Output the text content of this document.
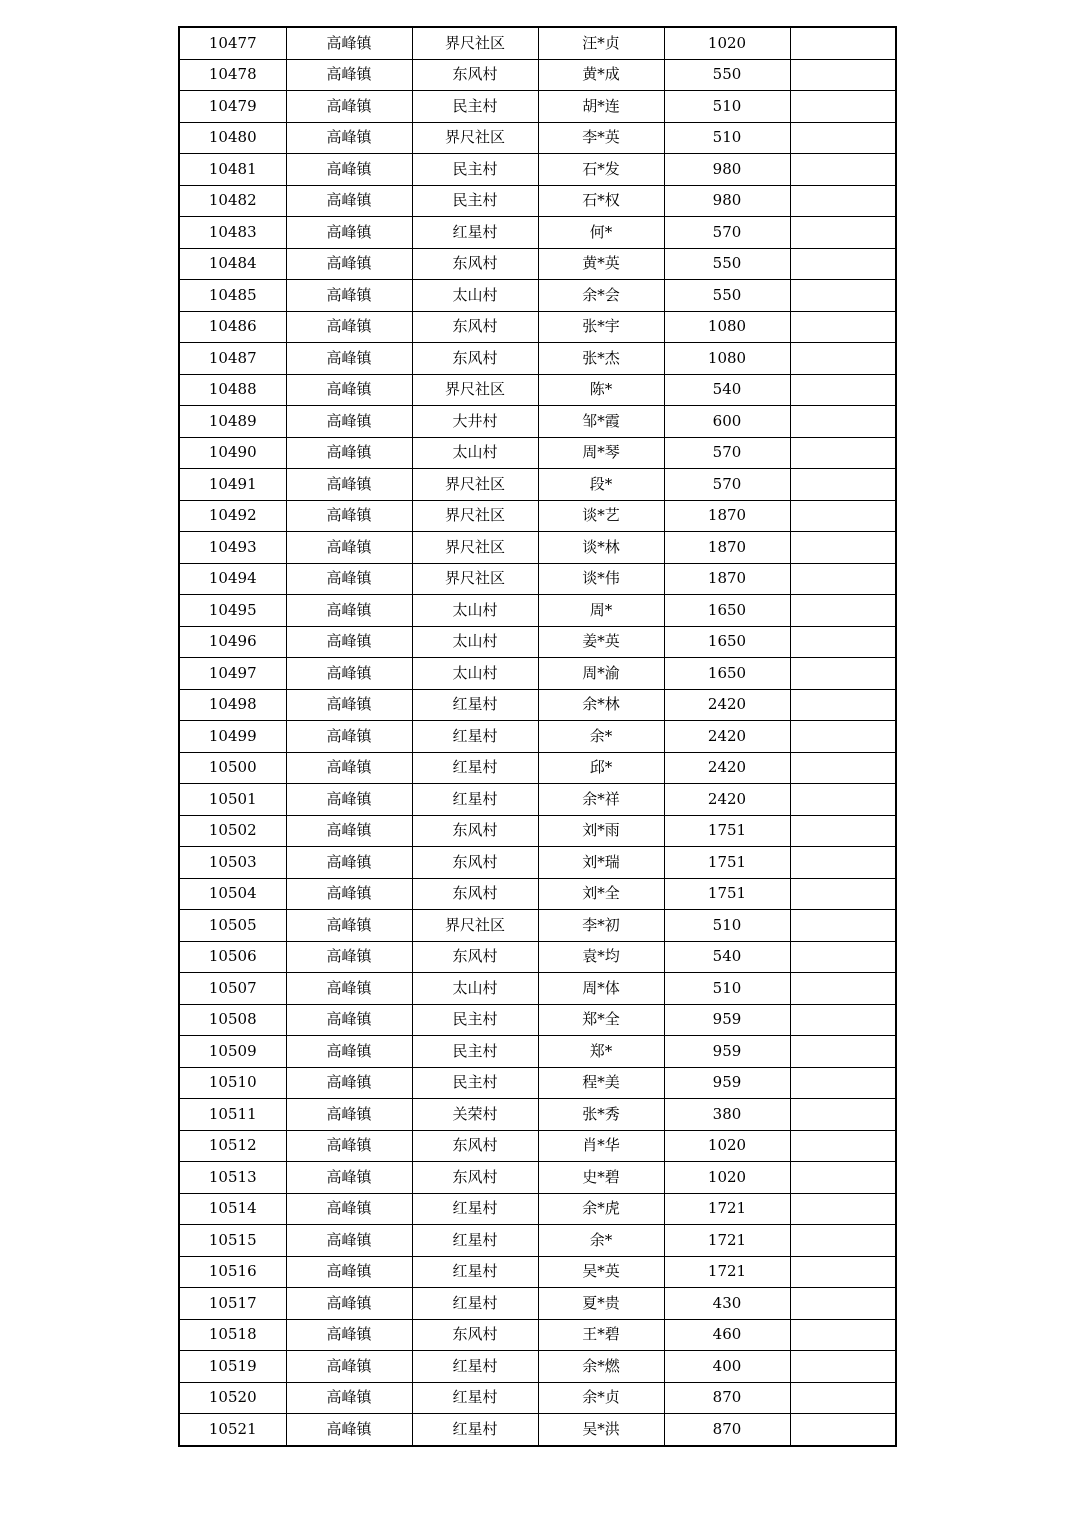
10477	高峰镇	界尺社区	汪*贞	1020	
10478	高峰镇	东风村	黄*成	550	
10479	高峰镇	民主村	胡*连	510	
10480	高峰镇	界尺社区	李*英	510	
10481	高峰镇	民主村	石*发	980	
10482	高峰镇	民主村	石*权	980	
10483	高峰镇	红星村	何*	570	
10484	高峰镇	东风村	黄*英	550	
10485	高峰镇	太山村	余*会	550	
10486	高峰镇	东风村	张*宇	1080	
10487	高峰镇	东风村	张*杰	1080	
10488	高峰镇	界尺社区	陈*	540	
10489	高峰镇	大井村	邹*霞	600	
10490	高峰镇	太山村	周*琴	570	
10491	高峰镇	界尺社区	段*	570	
10492	高峰镇	界尺社区	谈*艺	1870	
10493	高峰镇	界尺社区	谈*林	1870	
10494	高峰镇	界尺社区	谈*伟	1870	
10495	高峰镇	太山村	周*	1650	
10496	高峰镇	太山村	姜*英	1650	
10497	高峰镇	太山村	周*渝	1650	
10498	高峰镇	红星村	余*林	2420	
10499	高峰镇	红星村	余*	2420	
10500	高峰镇	红星村	邱*	2420	
10501	高峰镇	红星村	余*祥	2420	
10502	高峰镇	东风村	刘*雨	1751	
10503	高峰镇	东风村	刘*瑞	1751	
10504	高峰镇	东风村	刘*全	1751	
10505	高峰镇	界尺社区	李*初	510	
10506	高峰镇	东风村	袁*均	540	
10507	高峰镇	太山村	周*体	510	
10508	高峰镇	民主村	郑*全	959	
10509	高峰镇	民主村	郑*	959	
10510	高峰镇	民主村	程*美	959	
10511	高峰镇	关荣村	张*秀	380	
10512	高峰镇	东风村	肖*华	1020	
10513	高峰镇	东风村	史*碧	1020	
10514	高峰镇	红星村	余*虎	1721	
10515	高峰镇	红星村	余*	1721	
10516	高峰镇	红星村	吴*英	1721	
10517	高峰镇	红星村	夏*贵	430	
10518	高峰镇	东风村	王*碧	460	
10519	高峰镇	红星村	余*燃	400	
10520	高峰镇	红星村	余*贞	870	
10521	高峰镇	红星村	吴*洪	870	
